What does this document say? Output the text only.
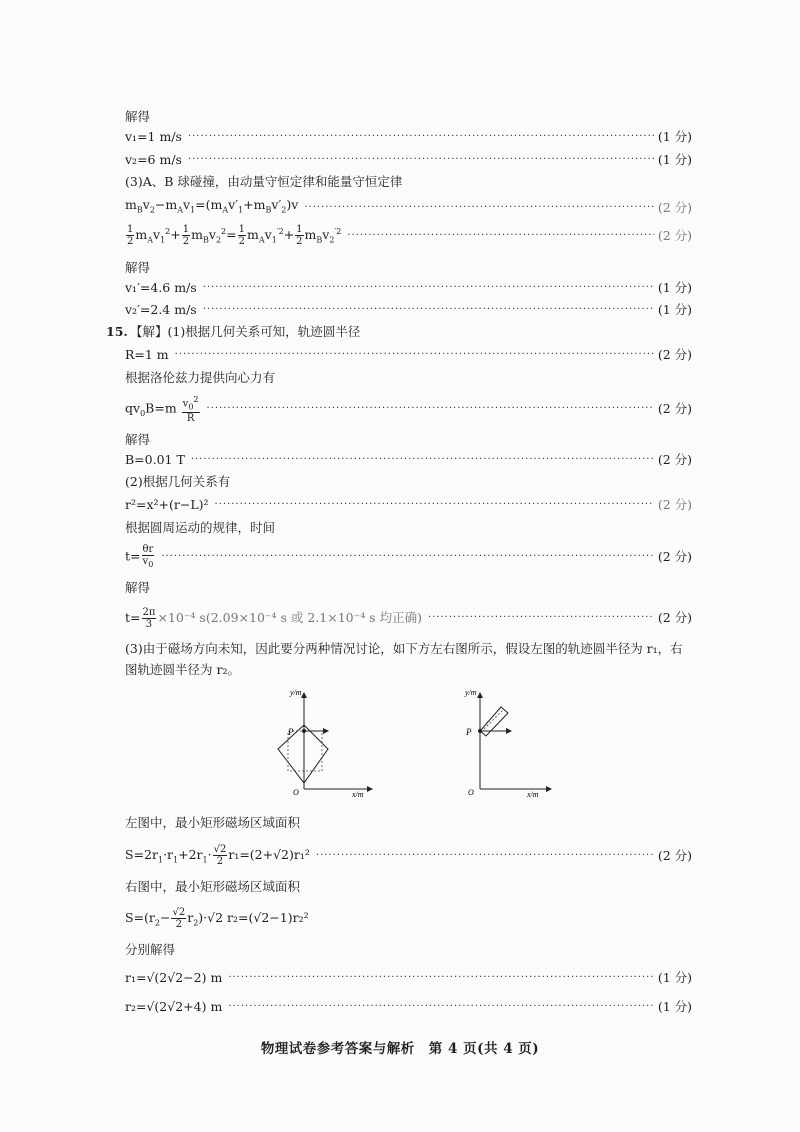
解得
v₁=1 m/s ·····	(1 分)
v₂=6 m/s ·····	(1 分)
(3)A、B 球碰撞，由动量守恒定律和能量守恒定律
$m_Bv_2-m_Av_1=(m_Av'_1+m_Bv'_2)v$ ·····	(2 分)
$\frac{1}{2} m_Av_1^2+ \frac{1}{2} m_Bv_2^2= \frac{1}{2} m_Av_1^{'2}+ \frac{1}{2} m_Bv_2^{'2}$ ·····	(2 分)
解得
v₁′=4.6 m/s ·····	(1 分)
v₂′=2.4 m/s ·····	(1 分)
15. 【解】(1)根据几何关系可知，轨迹圆半径
R=1 m ·····	(2 分)
根据洛伦兹力提供向心力有
$qv_0B=m \frac{v_0^2}{R}$ ·····	(2 分)
解得
B=0.01 T ·····	(2 分)
(2)根据几何关系有
r²=x²+(r−L)² ·····	(2 分)
根据圆周运动的规律，时间
$t= \frac{\theta r}{v_0}$ ·····	(2 分)
解得
$t= \frac{2\pi}{3} \times 10^{-4}$ s(2.09×10⁻⁴ s 或 2.1×10⁻⁴ s 均正确) ·····	(2 分)
(3)由于磁场方向未知，因此要分两种情况讨论，如下方左右图所示，假设左图的轨迹圆半径为 r₁，右图轨迹圆半径为 r₂。
P
y/m
O	x/m
P
y/m
O	x/m
左图中，最小矩形磁场区域面积
$S=2r_1\cdot r_1+2r_1\cdot \frac{√2}{2} r_1=(2+√2)r_1^2$ ·····	(2 分)
右图中，最小矩形磁场区域面积
$S=(r_2- \frac{√2}{2} r_2)\cdot√2$ r₂=(√2−1)r₂²
分别解得
r₁=√(2√2−2) m ·····	(1 分)
r₂=√(2√2+4) m ·····	(1 分)
物理试卷参考答案与解析　第 4 页(共 4 页)
